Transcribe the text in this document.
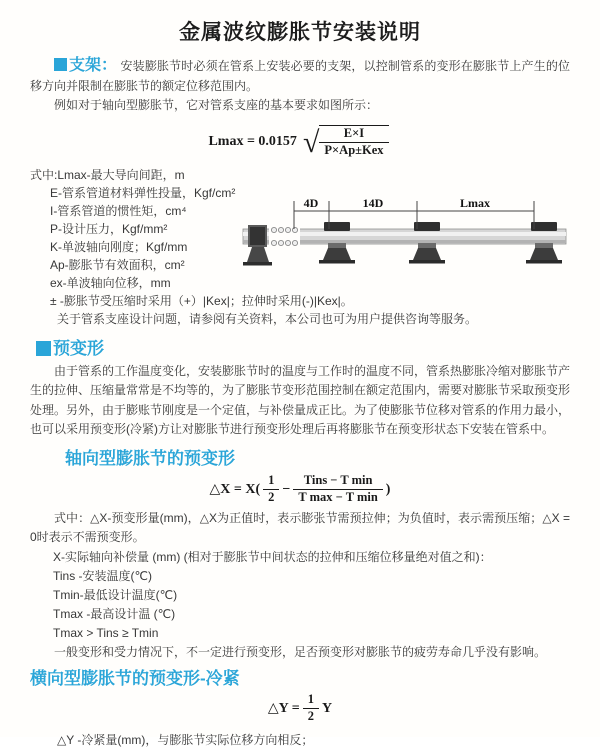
金属波纹膨胀节安装说明

支架： 安装膨胀节时必须在管系上安装必要的支架，以控制管系的变形在膨胀节上产生的位移方向并限制在膨胀节的额定位移范围内。

例如对于轴向型膨胀节，它对管系支座的基本要求如图所示：

Lmax = 0.0157 √ $\frac{E\times I}{\text{P×Ap±Kex}}$
式中:Lmax-最大导向间距，m
E-管系管道材料弹性投量，Kgf/cm²
I-管系管道的惯性矩，cm⁴
P-设计压力，Kgf/mm²
K-单波轴向刚度；Kgf/mm
Ap-膨胀节有效面积，cm²
ex-单波轴向位移，mm
± -膨胀节受压缩时采用（+）|Kex|；拉伸时采用(-)|Kex|。
关于管系支座设计问题，请参阅有关资料，本公司也可为用户提供咨询等服务。
4D	14D	Lmax
预变形

由于管系的工作温度变化，安装膨胀节时的温度与工作时的温度不同，管系热膨胀冷缩对膨胀节产生的拉伸、压缩量常常是不均等的，为了膨胀节变形范围控制在额定范围内，需要对膨胀节采取预变形处理。另外，由于膨账节刚度是一个定值，与补偿量成正比。为了使膨胀节位移对管系的作用力最小，也可以采用预变形(冷紧)方让对膨胀节进行预变形处理后再将膨胀节在预变形状态下安装在管系中。

轴向型膨胀节的预变形
△X = $X( \frac{1}{2} - \frac{\text{Tins − T min}}{\text{T max − T min}}$ )

式中：△X-预变形量(mm)，△X为正值时，表示膨张节需预拉伸；为负值时，表示需预压缩；△X = 0时表示不需预变形。

X-实际轴向补偿量 (mm) (相对于膨胀节中间状态的拉伸和压缩位移量绝对值之和)：
Tins -安装温度(℃)
Tmin-最低设计温度(℃)
Tmax -最高设计温 (℃)
Tmax > Tins ≥ Tmin

一般变形和受力情况下，不一定进行预变形，足否预变形对膨胀节的疲劳寿命几乎没有影响。

横向型膨胀节的预变形-冷紧
△Y = $\frac{1}{2}$ Y
△Y -冷紧量(mm)，与膨胀节实际位移方向相反；
